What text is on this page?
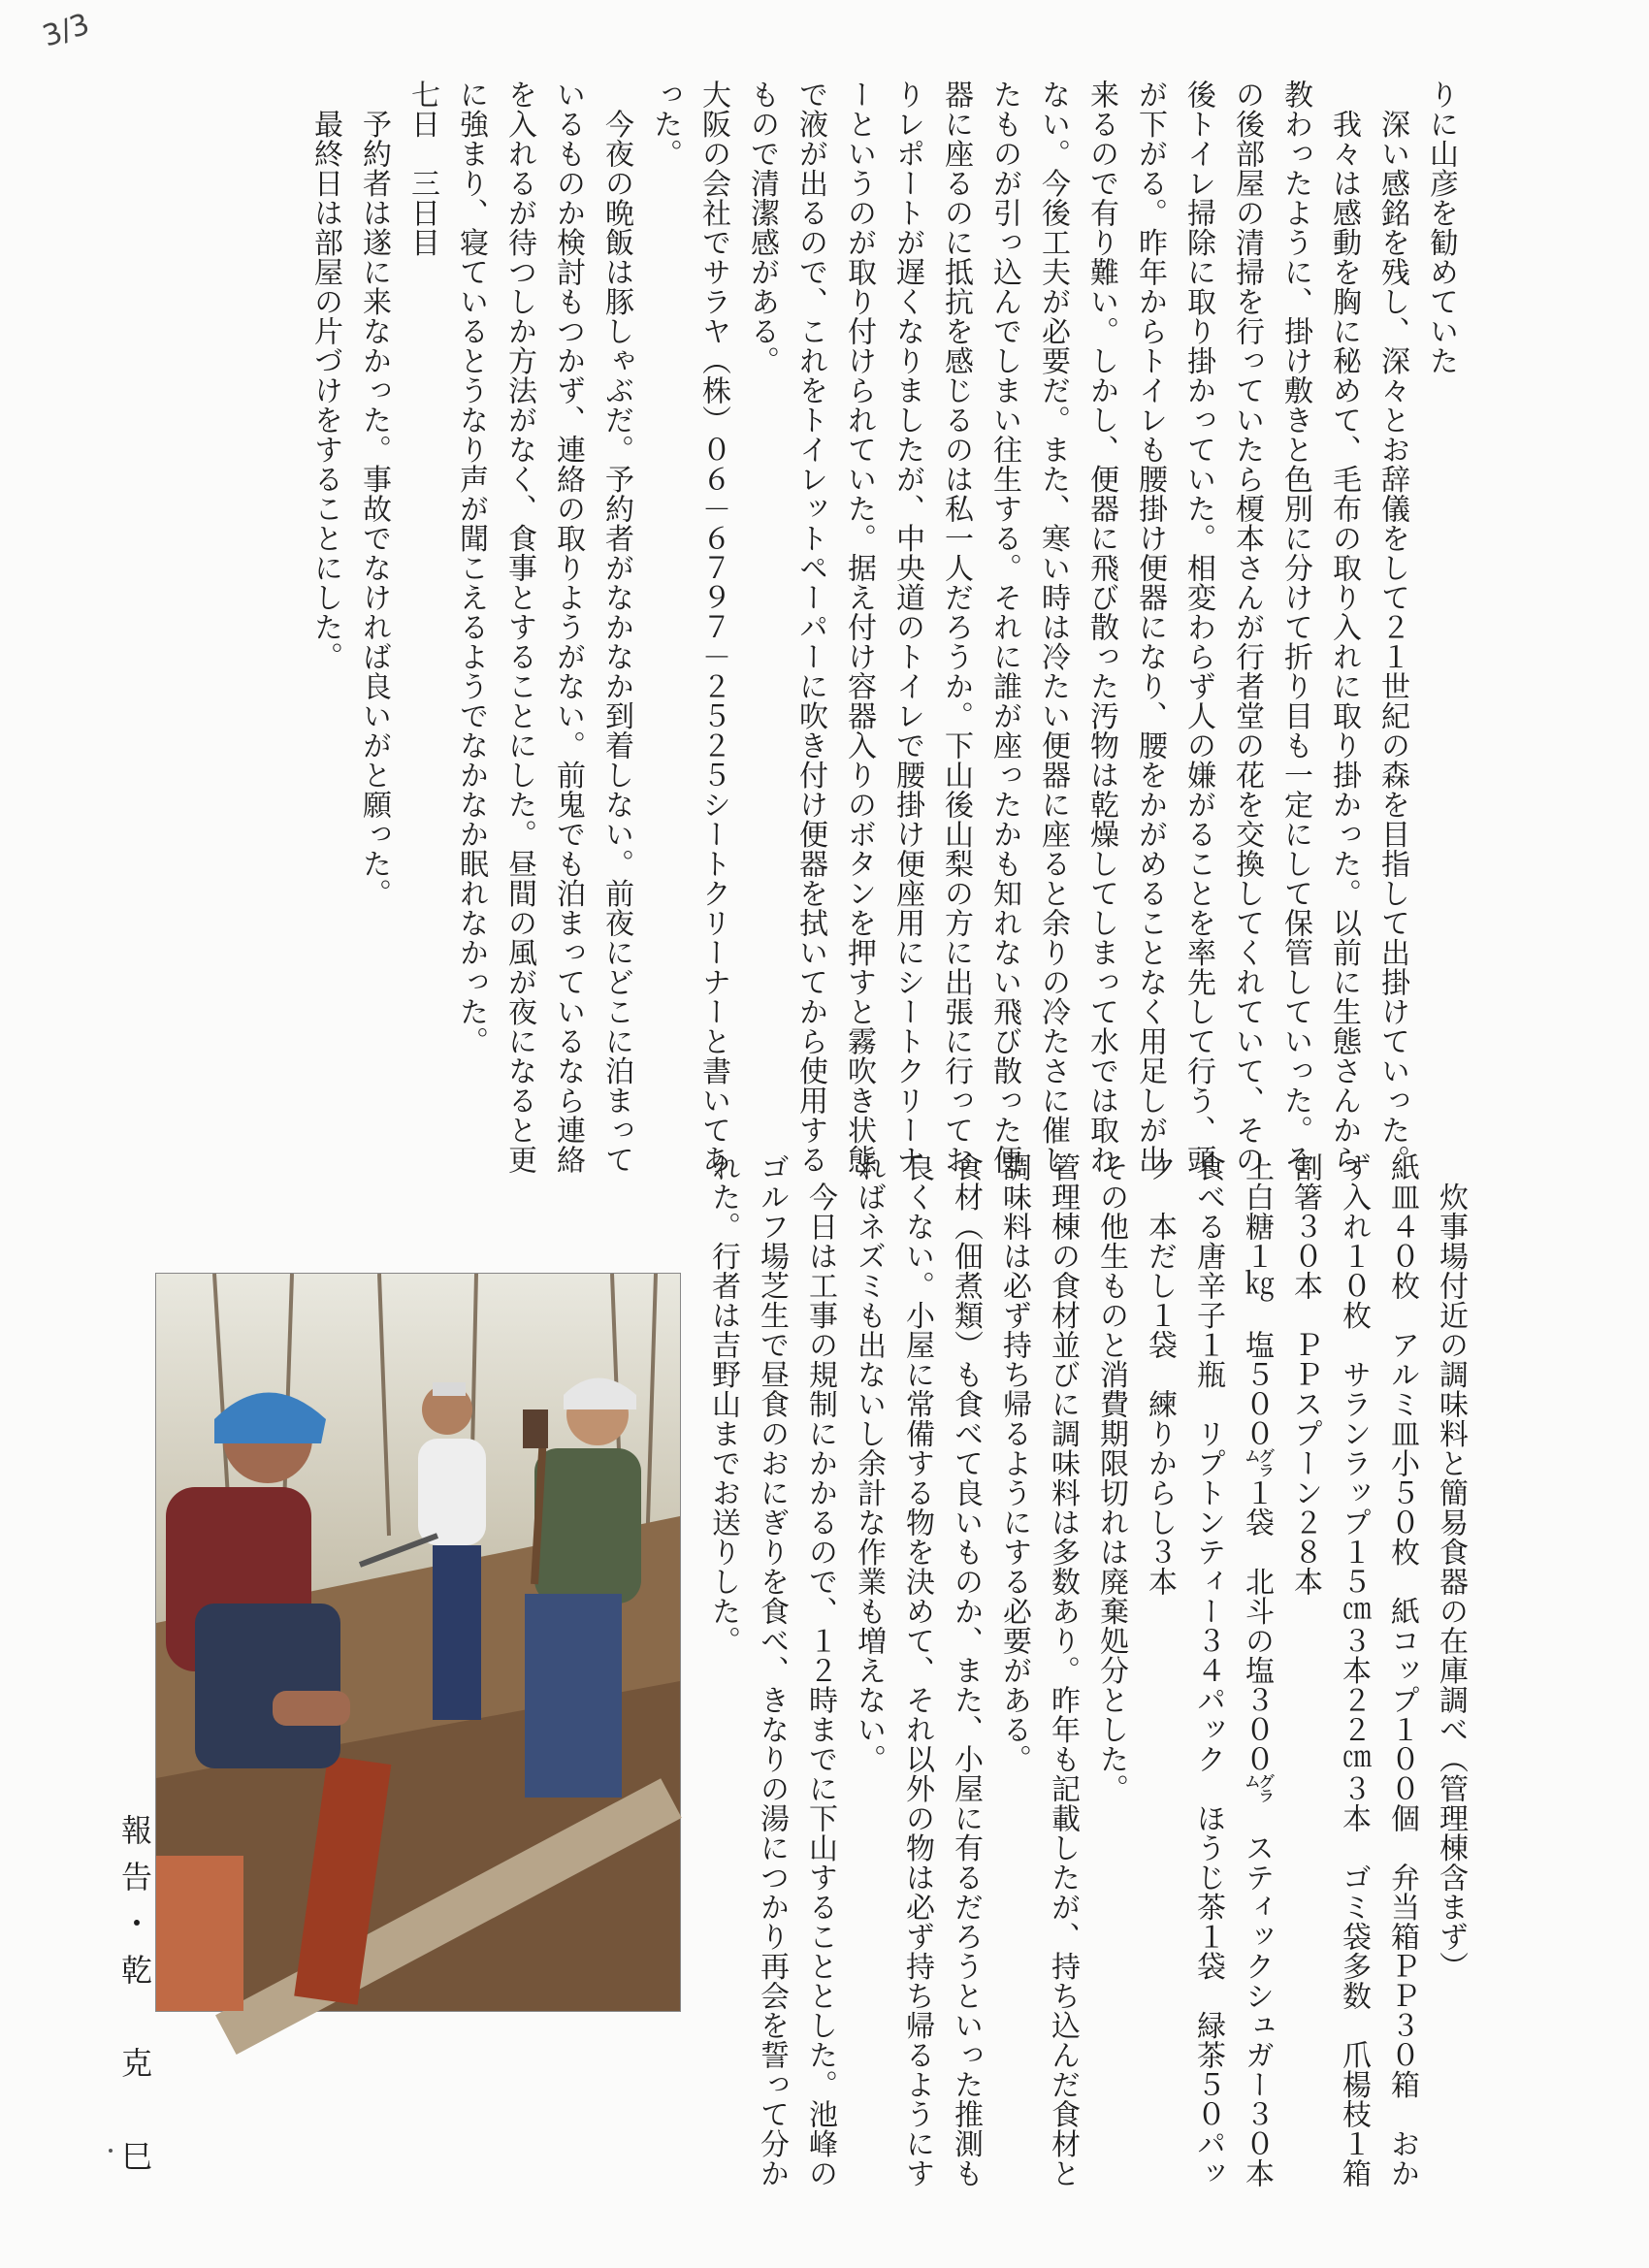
3/3
りに山彦を勧めていた
　深い感銘を残し、深々とお辞儀をして２１世紀の森を目指して出掛けていった。
　我々は感動を胸に秘めて、毛布の取り入れに取り掛かった。以前に生態さんから教わったように、掛け敷きと色別に分けて折り目も一定にして保管していった。その後部屋の清掃を行っていたら榎本さんが行者堂の花を交換してくれていて、その後トイレ掃除に取り掛かっていた。相変わらず人の嫌がることを率先して行う、頭が下がる。昨年からトイレも腰掛け便器になり、腰をかがめることなく用足しが出来るので有り難い。しかし、便器に飛び散った汚物は乾燥してしまって水では取れない。今後工夫が必要だ。また、寒い時は冷たい便器に座ると余りの冷たさに催したものが引っ込んでしまい往生する。それに誰が座ったかも知れない飛び散った便器に座るのに抵抗を感じるのは私一人だろうか。下山後山梨の方に出張に行っておりレポートが遅くなりましたが、中央道のトイレで腰掛け便座用にシートクリーナーというのが取り付けられていた。据え付け容器入りのボタンを押すと霧吹き状態で液が出るので、これをトイレットペーパーに吹き付け便器を拭いてから使用するもので清潔感がある。
大阪の会社でサラヤ（株）０６－６７９７－２５２５シートクリーナーと書いてあった。
　今夜の晩飯は豚しゃぶだ。予約者がなかなか到着しない。前夜にどこに泊まっているものか検討もつかず、連絡の取りようがない。前鬼でも泊まっているなら連絡を入れるが待つしか方法がなく、食事とすることにした。昼間の風が夜になると更に強まり、寝ているとうなり声が聞こえるようでなかなか眠れなかった。
七日　三日目
　予約者は遂に来なかった。事故でなければ良いがと願った。
　最終日は部屋の片づけをすることにした。
　炊事場付近の調味料と簡易食器の在庫調べ（管理棟含まず）
紙皿４０枚　アルミ皿小５０枚　紙コップ１００個　弁当箱ＰＰ３０箱　おかず入れ１０枚　サランラップ１５㎝３本２２㎝３本　ゴミ袋多数　爪楊枝１箱　割箸３０本　ＰＰスプーン２８本
上白糖１㎏　塩５００㌘１袋　北斗の塩３００㌘　スティックシュガー３０本　食べる唐辛子１瓶　リプトンティー３４パック　ほうじ茶１袋　緑茶５０パック　本だし１袋　練りからし３本
その他生ものと消費期限切れは廃棄処分とした。
管理棟の食材並びに調味料は多数あり。昨年も記載したが、持ち込んだ食材と調味料は必ず持ち帰るようにする必要がある。
食材（佃煮類）も食べて良いものか、また、小屋に有るだろうといった推測も良くない。小屋に常備する物を決めて、それ以外の物は必ず持ち帰るようにすればネズミも出ないし余計な作業も増えない。
　今日は工事の規制にかかるので、１２時までに下山することとした。池峰のゴルフ場芝生で昼食のおにぎりを食べ、きなりの湯につかり再会を誓って分かれた。行者は吉野山までお送りした。
報告・乾　克　巳
